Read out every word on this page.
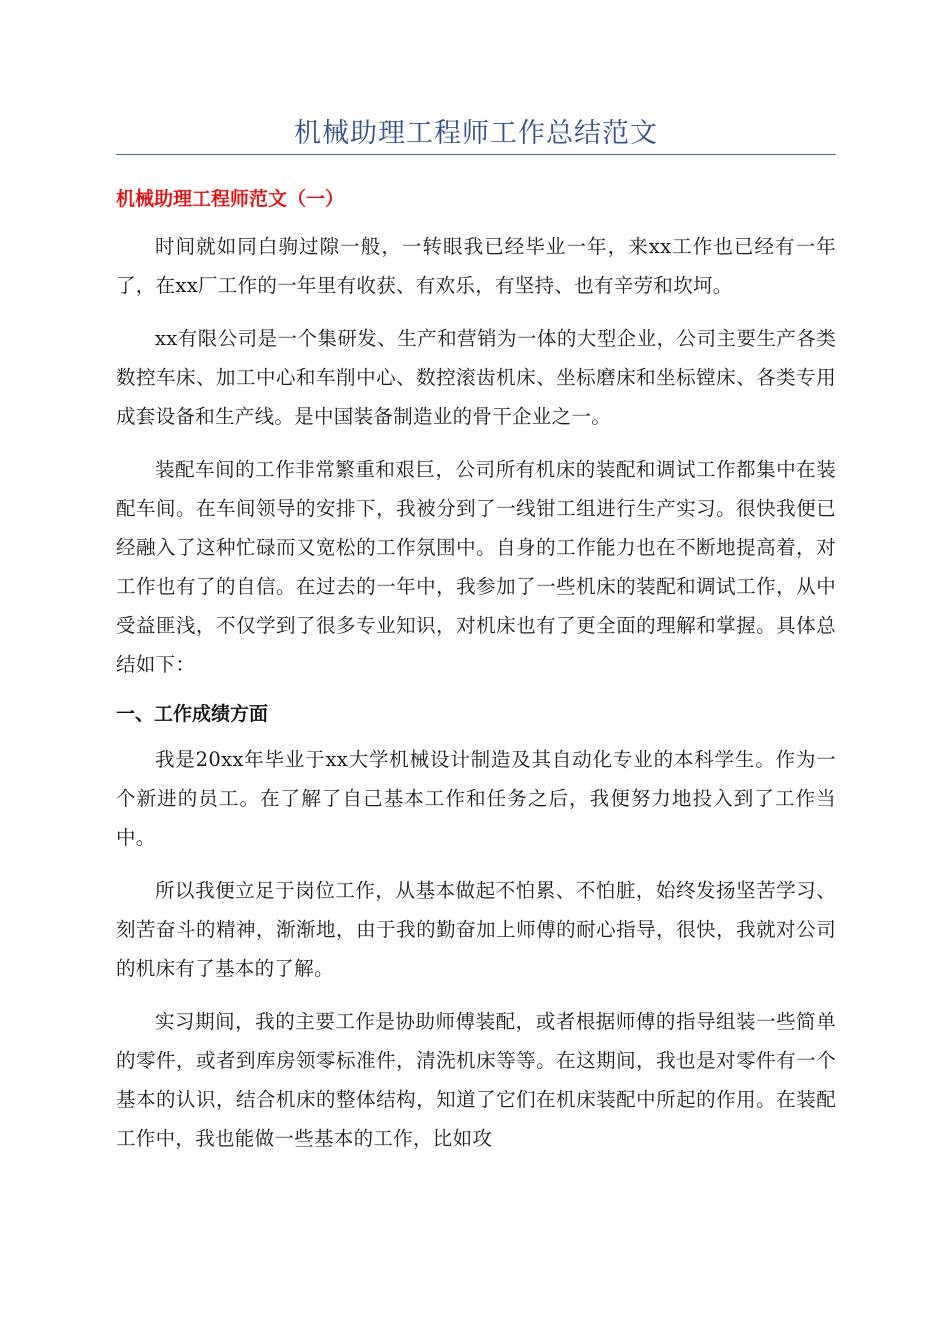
机械助理工程师工作总结范文
机械助理工程师范文（一）

时间就如同白驹过隙一般，一转眼我已经毕业一年，来xx工作也已经有一年了，在xx厂工作的一年里有收获、有欢乐，有坚持、也有辛劳和坎坷。

xx有限公司是一个集研发、生产和营销为一体的大型企业，公司主要生产各类数控车床、加工中心和车削中心、数控滚齿机床、坐标磨床和坐标镗床、各类专用成套设备和生产线。是中国装备制造业的骨干企业之一。

装配车间的工作非常繁重和艰巨，公司所有机床的装配和调试工作都集中在装配车间。在车间领导的安排下，我被分到了一线钳工组进行生产实习。很快我便已经融入了这种忙碌而又宽松的工作氛围中。自身的工作能力也在不断地提高着，对工作也有了的自信。在过去的一年中，我参加了一些机床的装配和调试工作，从中受益匪浅，不仅学到了很多专业知识，对机床也有了更全面的理解和掌握。具体总结如下：

一、工作成绩方面

我是20xx年毕业于xx大学机械设计制造及其自动化专业的本科学生。作为一个新进的员工。在了解了自己基本工作和任务之后，我便努力地投入到了工作当中。

所以我便立足于岗位工作，从基本做起不怕累、不怕脏，始终发扬坚苦学习、刻苦奋斗的精神，渐渐地，由于我的勤奋加上师傅的耐心指导，很快，我就对公司的机床有了基本的了解。

实习期间，我的主要工作是协助师傅装配，或者根据师傅的指导组装一些简单的零件，或者到库房领零标准件，清洗机床等等。在这期间，我也是对零件有一个基本的认识，结合机床的整体结构，知道了它们在机床装配中所起的作用。在装配工作中，我也能做一些基本的工作，比如攻
